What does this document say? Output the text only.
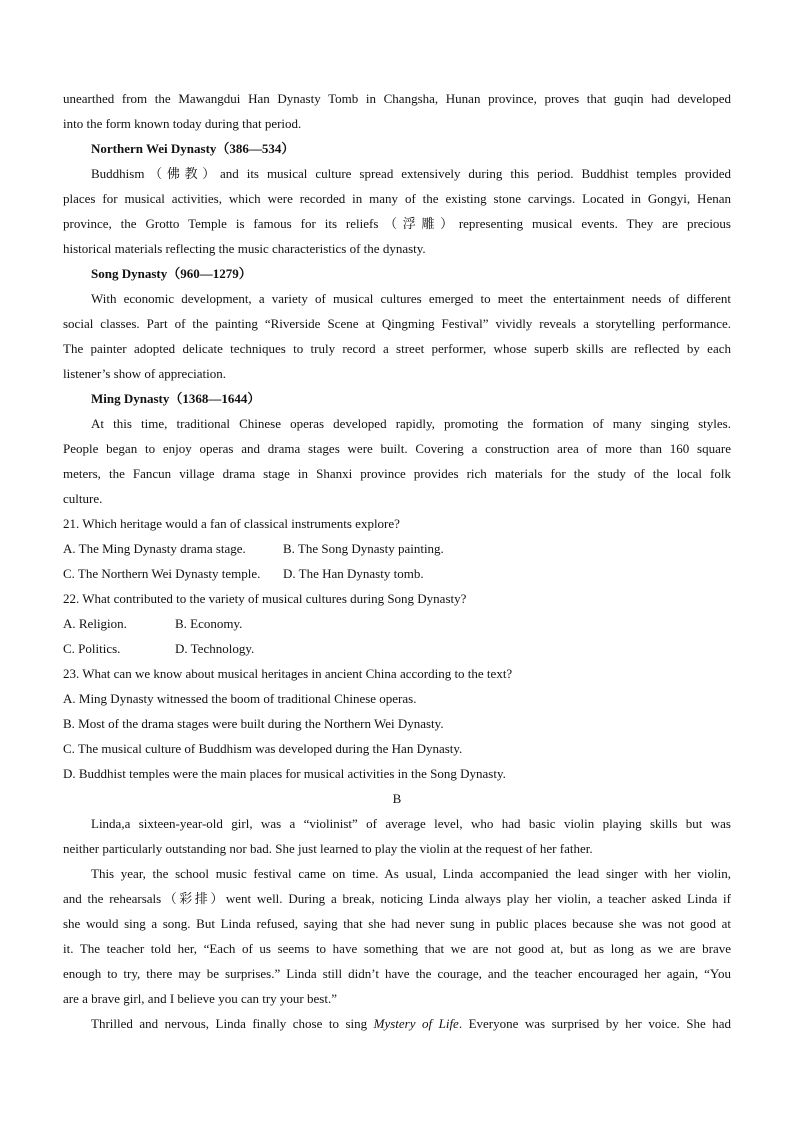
unearthed from the Mawangdui Han Dynasty Tomb in Changsha, Hunan province, proves that guqin had developed
into the form known today during that period.
Northern Wei Dynasty（386—534）
Buddhism（佛教）and its musical culture spread extensively during this period. Buddhist temples provided
places for musical activities, which were recorded in many of the existing stone carvings. Located in Gongyi, Henan
province, the Grotto Temple is famous for its reliefs（浮雕）representing musical events. They are precious
historical materials reflecting the music characteristics of the dynasty.
Song Dynasty（960—1279）
With economic development, a variety of musical cultures emerged to meet the entertainment needs of different
social classes. Part of the painting “Riverside Scene at Qingming Festival” vividly reveals a storytelling performance.
The painter adopted delicate techniques to truly record a street performer, whose superb skills are reflected by each
listener’s show of appreciation.
Ming Dynasty（1368—1644）
At this time, traditional Chinese operas developed rapidly, promoting the formation of many singing styles.
People began to enjoy operas and drama stages were built. Covering a construction area of more than 160 square
meters, the Fancun village drama stage in Shanxi province provides rich materials for the study of the local folk
culture.
21. Which heritage would a fan of classical instruments explore?
A. The Ming Dynasty drama stage.	B. The Song Dynasty painting.
C. The Northern Wei Dynasty temple.	D. The Han Dynasty tomb.
22. What contributed to the variety of musical cultures during Song Dynasty?
A. Religion.	B. Economy.
C. Politics.	D. Technology.
23. What can we know about musical heritages in ancient China according to the text?
A. Ming Dynasty witnessed the boom of traditional Chinese operas.
B. Most of the drama stages were built during the Northern Wei Dynasty.
C. The musical culture of Buddhism was developed during the Han Dynasty.
D. Buddhist temples were the main places for musical activities in the Song Dynasty.
B
Linda,a sixteen-year-old girl, was a “violinist” of average level, who had basic violin playing skills but was
neither particularly outstanding nor bad. She just learned to play the violin at the request of her father.
This year, the school music festival came on time. As usual, Linda accompanied the lead singer with her violin,
and the rehearsals（彩排）went well. During a break, noticing Linda always play her violin, a teacher asked Linda if
she would sing a song. But Linda refused, saying that she had never sung in public places because she was not good at
it. The teacher told her, “Each of us seems to have something that we are not good at, but as long as we are brave
enough to try, there may be surprises.” Linda still didn’t have the courage, and the teacher encouraged her again, “You
are a brave girl, and I believe you can try your best.”
Thrilled and nervous, Linda finally chose to sing Mystery of Life. Everyone was surprised by her voice. She had
